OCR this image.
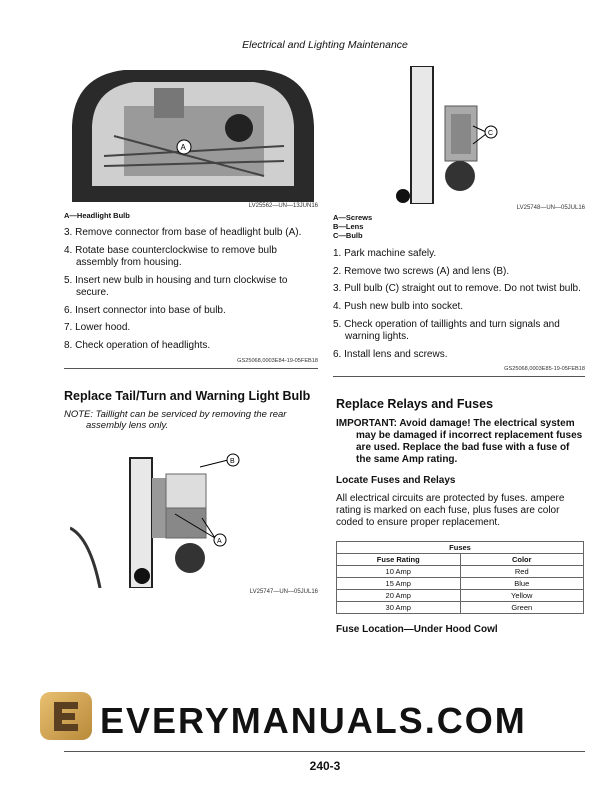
Electrical and Lighting Maintenance
A
LV25562—UN—13JUN16
A—Headlight Bulb
3. Remove connector from base of headlight bulb (A).
4. Rotate base counterclockwise to remove bulb assembly from housing.
5. Insert new bulb in housing and turn clockwise to secure.
6. Insert connector into base of bulb.
7. Lower hood.
8. Check operation of headlights.
GS25068,0003E84-19-05FEB18
Replace Tail/Turn and Warning Light Bulb
NOTE: Taillight can be serviced by removing the rear assembly lens only.
B
A
LV25747—UN—05JUL16
C
LV25748—UN—05JUL16
A—Screws
B—Lens
C—Bulb
1. Park machine safely.
2. Remove two screws (A) and lens (B).
3. Pull bulb (C) straight out to remove. Do not twist bulb.
4. Push new bulb into socket.
5. Check operation of taillights and turn signals and warning lights.
6. Install lens and screws.
GS25068,0003E85-19-05FEB18
Replace Relays and Fuses
IMPORTANT: Avoid damage! The electrical system may be damaged if incorrect replacement fuses are used. Replace the bad fuse with a fuse of the same Amp rating.
Locate Fuses and Relays
All electrical circuits are protected by fuses. ampere rating is marked on each fuse, plus fuses are color coded to ensure proper replacement.
Fuses	
Fuse Rating	Color
10 Amp	Red
15 Amp	Blue
20 Amp	Yellow
30 Amp	Green
Fuse Location—Under Hood Cowl
EVERYMANUALS.COM
240-3
